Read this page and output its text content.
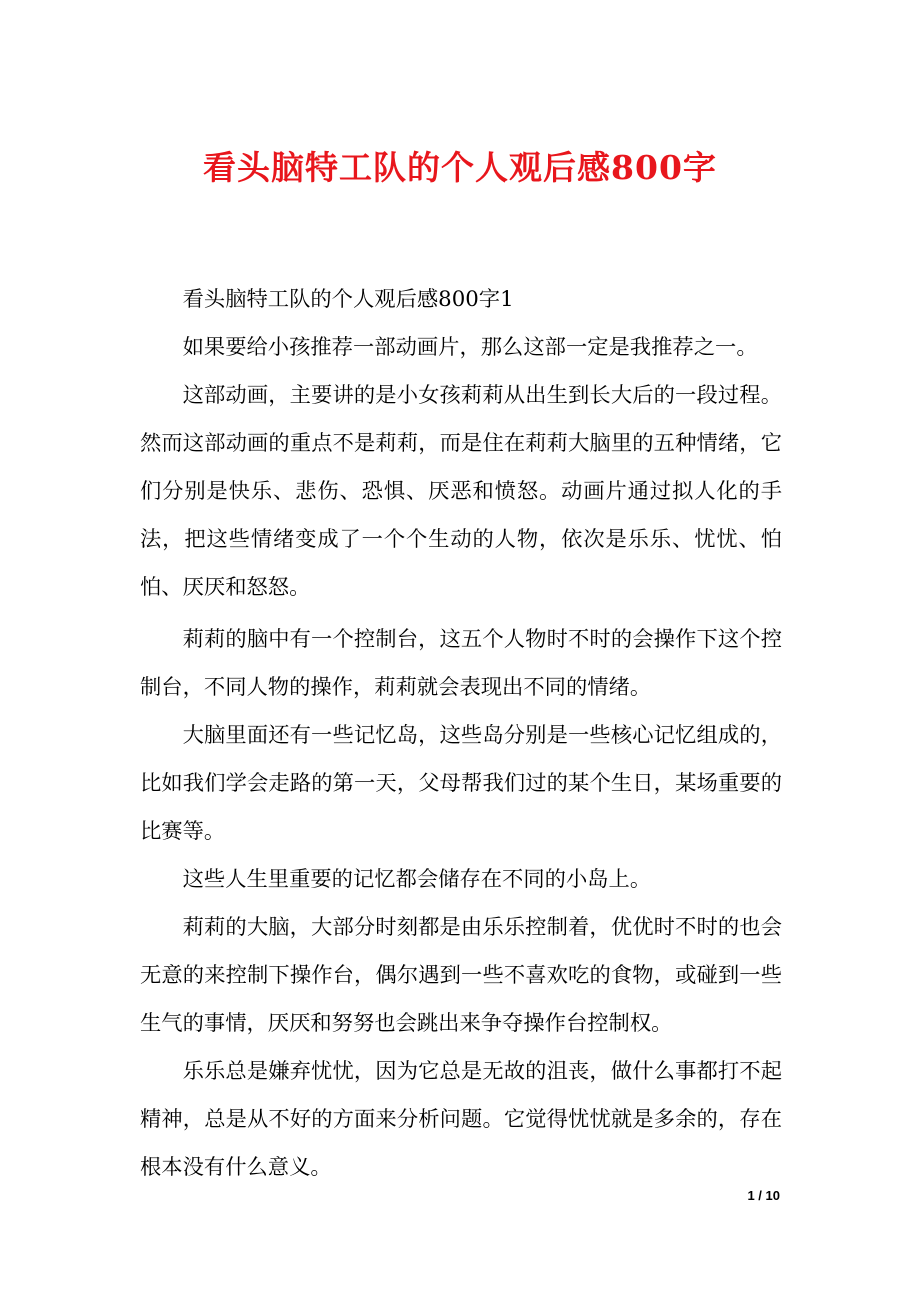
看头脑特工队的个人观后感800字

看头脑特工队的个人观后感800字1

如果要给小孩推荐一部动画片，那么这部一定是我推荐之一。

这部动画，主要讲的是小女孩莉莉从出生到长大后的一段过程。然而这部动画的重点不是莉莉，而是住在莉莉大脑里的五种情绪，它们分别是快乐、悲伤、恐惧、厌恶和愤怒。动画片通过拟人化的手法，把这些情绪变成了一个个生动的人物，依次是乐乐、忧忧、怕怕、厌厌和怒怒。

莉莉的脑中有一个控制台，这五个人物时不时的会操作下这个控制台，不同人物的操作，莉莉就会表现出不同的情绪。

大脑里面还有一些记忆岛，这些岛分别是一些核心记忆组成的，比如我们学会走路的第一天，父母帮我们过的某个生日，某场重要的比赛等。

这些人生里重要的记忆都会储存在不同的小岛上。

莉莉的大脑，大部分时刻都是由乐乐控制着，优优时不时的也会无意的来控制下操作台，偶尔遇到一些不喜欢吃的食物，或碰到一些生气的事情，厌厌和努努也会跳出来争夺操作台控制权。

乐乐总是嫌弃忧忧，因为它总是无故的沮丧，做什么事都打不起精神，总是从不好的方面来分析问题。它觉得忧忧就是多余的，存在根本没有什么意义。

1 / 10
